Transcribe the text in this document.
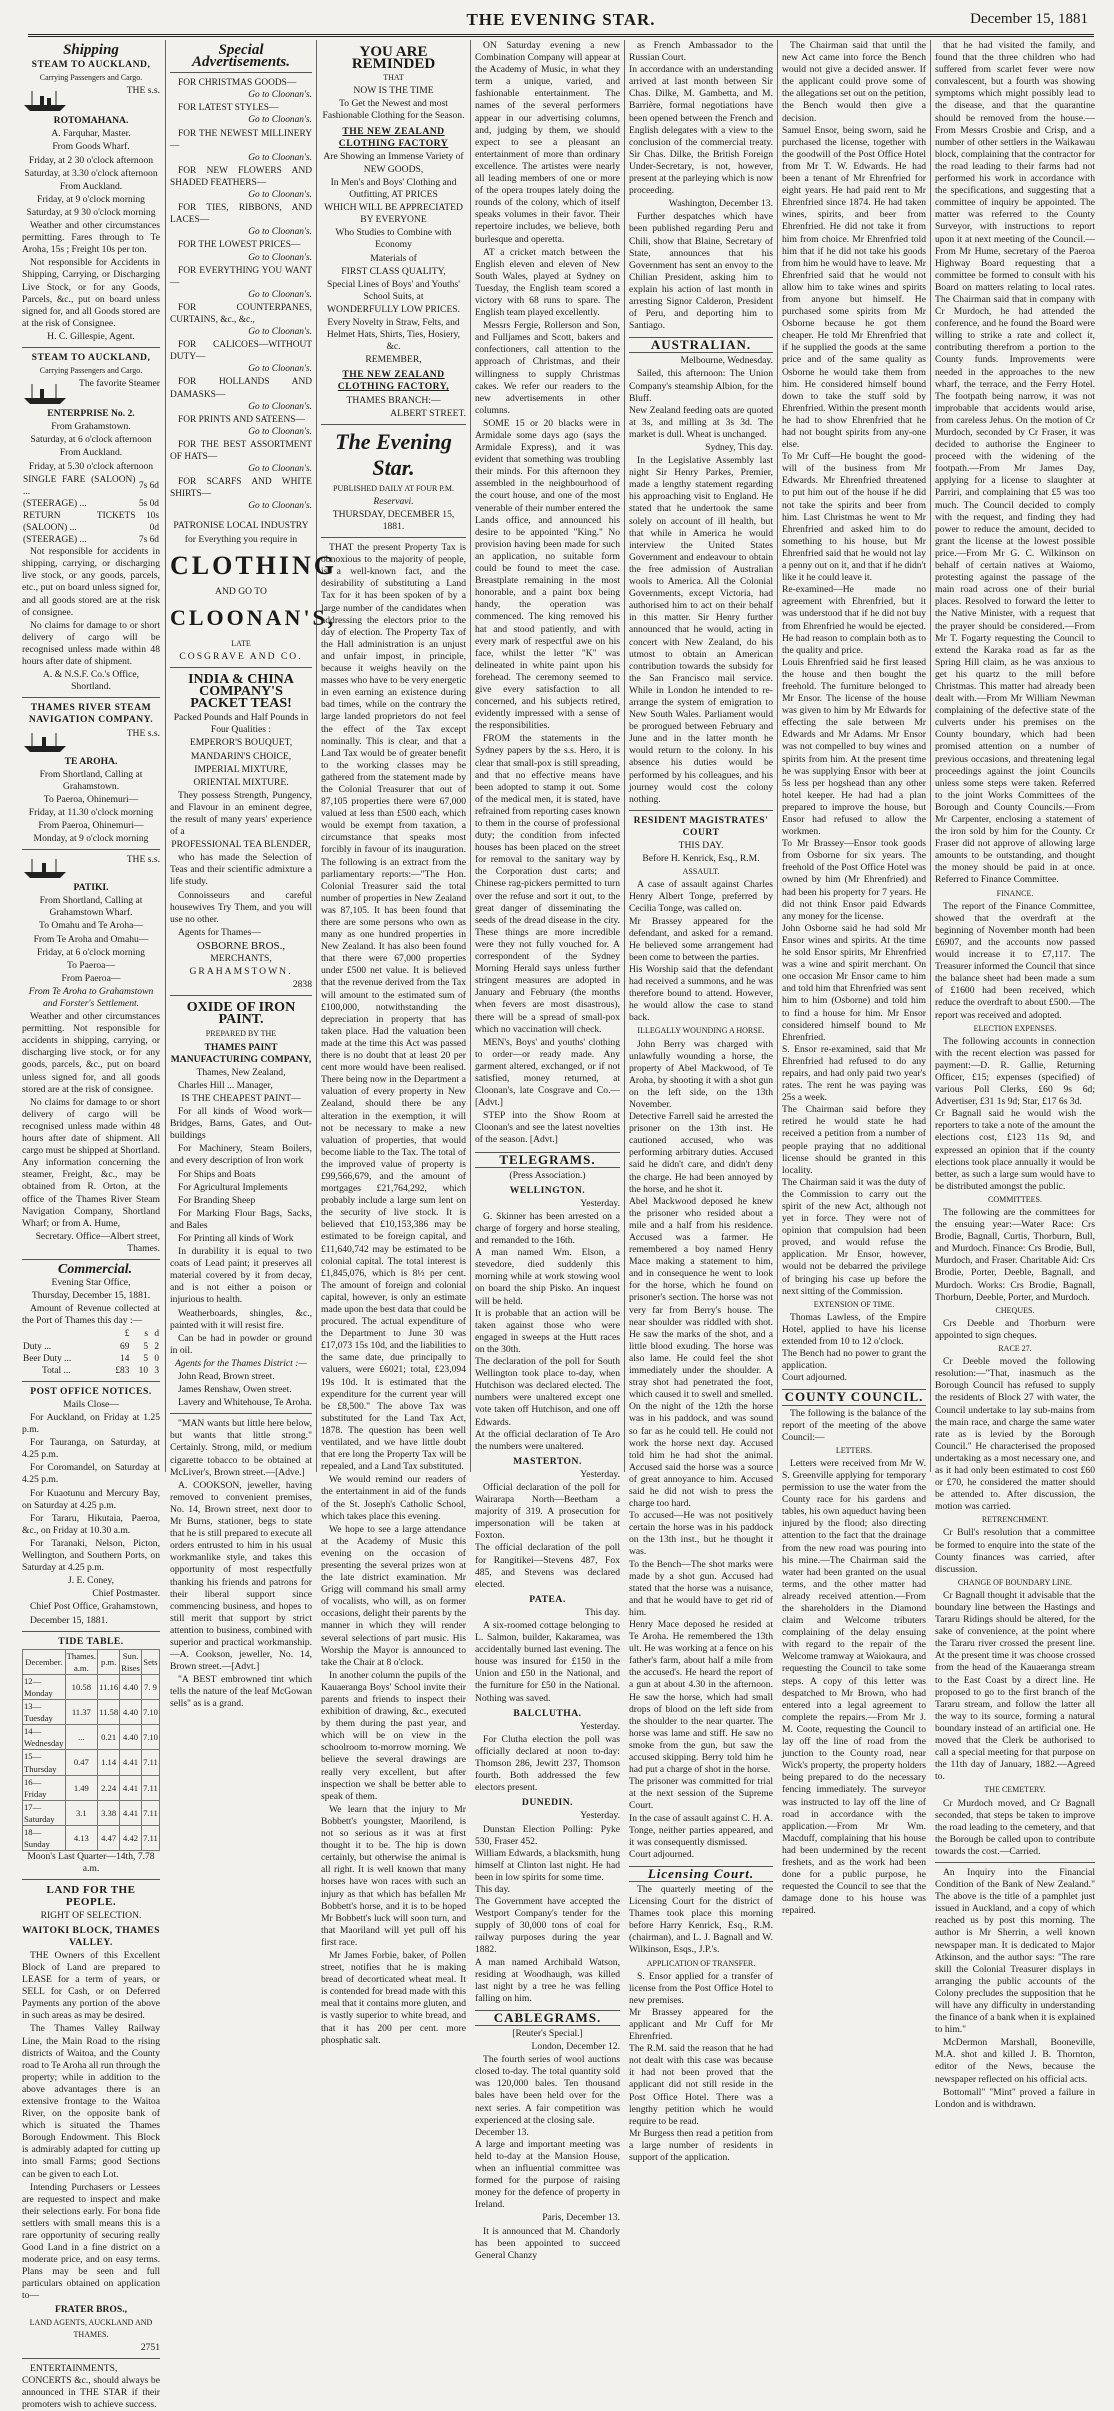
THE EVENING STAR.	December 15, 1881

Shipping

STEAM TO AUCKLAND,

Carrying Passengers and Cargo.

THE s.s.

ROTOMAHANA.

A. Farquhar, Master.

From Goods Wharf.

Friday, at 2 30 o'clock afternoon

Saturday, at 3.30 o'clock afternoon

From Auckland.

Friday, at 9 o'clock morning

Saturday, at 9 30 o'clock morning

Weather and other circumstances permitting. Fares through to Te Aroha, 15s ; Freight 10s per ton.

Not responsible for Accidents in Shipping, Carrying, or Discharging Live Stock, or for any Goods, Parcels, &c., put on board unless signed for, and all Goods stored are at the risk of Consignee.

H. C. Gillespie, Agent.

STEAM TO AUCKLAND,

Carrying Passengers and Cargo.

The favorite Steamer

ENTERPRISE No. 2.

From Grahamstown.

Saturday, at 6 o'clock afternoon

From Auckland.

Friday, at 5.30 o'clock afternoon

SINGLE FARE (SALOON) ...	7s 6d
(STEERAGE) ...	5s 0d
RETURN TICKETS (SALOON) ...	10s 0d
(STEERAGE) ...	7s 6d

Not responsible for accidents in shipping, carrying, or discharging live stock, or any goods, parcels, etc., put on board unless signed for, and all goods stored are at the risk of consignee.

No claims for damage to or short delivery of cargo will be recognised unless made within 48 hours after date of shipment.

A. & N.S.F. Co.'s Office, Shortland.

THAMES RIVER STEAM NAVIGATION COMPANY.

THE s.s.

TE AROHA.

From Shortland, Calling at Grahamstown.

To Paeroa, Ohinemuri—

Friday, at 11.30 o'clock morning

From Paeroa, Ohinemuri—

Monday, at 9 o'clock morning

THE s.s.

PATIKI.

From Shortland, Calling at Grahamstown Wharf.

To Omahu and Te Aroha—

From Te Aroha and Omahu—

Friday, at 6 o'clock morning

To Paeroa—

From Paeroa—

From Te Aroha to Grahamstown and Forster's Settlement.

Weather and other circumstances permitting. Not responsible for accidents in shipping, carrying, or discharging live stock, or for any goods, parcels, &c., put on board unless signed for, and all goods stored are at the risk of consignee.

No claims for damage to or short delivery of cargo will be recognised unless made within 48 hours after date of shipment. All cargo must be shipped at Shortland. Any information concerning the steamer, Freight, &c., may be obtained from R. Orton, at the office of the Thames River Steam Navigation Company, Shortland Wharf; or from A. Hume,

Secretary. Office—Albert street, Thames.

Commercial.

Evening Star Office,

Thursday, December 15, 1881.

Amount of Revenue collected at the Port of Thames this day :—

	£	s	d
Duty ...	69	5	2
Beer Duty ...	14	5	0
Total ...	£83	10	3

POST OFFICE NOTICES.

Mails Close—

For Auckland, on Friday at 1.25 p.m.

For Tauranga, on Saturday, at 4.25 p.m.

For Coromandel, on Saturday at 4.25 p.m.

For Kuaotunu and Mercury Bay, on Saturday at 4.25 p.m.

For Tararu, Hikutaia, Paeroa, &c., on Friday at 10.30 a.m.

For Taranaki, Nelson, Picton, Wellington, and Southern Ports, on Saturday at 4.25 p.m.

J. E. Coney,

Chief Postmaster.

Chief Post Office, Grahamstown,

December 15, 1881.

TIDE TABLE.

December.	Thames. a.m.	p.m.	Sun. Rises	Sets
12—Monday	10.58	11.16	4.40	7. 9
13—Tuesday	11.37	11.58	4.40	7.10
14—Wednesday	...	0.21	4.40	7.10
15—Thursday	0.47	1.14	4.41	7.11
16—Friday	1.49	2.24	4.41	7.11
17—Saturday	3.1	3.38	4.41	7.11
18—Sunday	4.13	4.47	4.42	7.11

Moon's Last Quarter—14th, 7.78 a.m.

LAND FOR THE PEOPLE.

RIGHT OF SELECTION.

WAITOKI BLOCK, THAMES VALLEY.

THE Owners of this Excellent Block of Land are prepared to LEASE for a term of years, or SELL for Cash, or on Deferred Payments any portion of the above in such areas as may be desired.

The Thames Valley Railway Line, the Main Road to the rising districts of Waitoa, and the County road to Te Aroha all run through the property; while in addition to the above advantages there is an extensive frontage to the Waitoa River, on the opposite bank of which is situated the Thames Borough Endowment. This Block is admirably adapted for cutting up into small Farms; good Sections can be given to each Lot.

Intending Purchasers or Lessees are requested to inspect and make their selections early. For bona fide settlers with small means this is a rare opportunity of securing really Good Land in a fine district on a moderate price, and on easy terms. Plans may be seen and full particulars obtained on application to—

FRATER BROS.,

LAND AGENTS, AUCKLAND AND THAMES.

2751

ENTERTAINMENTS, CONCERTS &c., should always be announced in THE STAR if their promoters wish to achieve success.

Special Advertisements.

FOR CHRISTMAS GOODS—
Go to Cloonan's.

FOR LATEST STYLES—
Go to Cloonan's.

FOR THE NEWEST MILLINERY—
Go to Cloonan's.

FOR NEW FLOWERS AND SHADED FEATHERS—
Go to Cloonan's.

FOR TIES, RIBBONS, AND LACES—
Go to Cloonan's.

FOR THE LOWEST PRICES—
Go to Cloonan's.

FOR EVERYTHING YOU WANT—
Go to Cloonan's.

FOR COUNTERPANES, CURTAINS, &c., &c.,
Go to Cloonan's.

FOR CALICOES—WITHOUT DUTY—
Go to Cloonan's.

FOR HOLLANDS AND DAMASKS—
Go to Cloonan's.

FOR PRINTS AND SATEENS—
Go to Cloonan's.

FOR THE BEST ASSORTMENT OF HATS—
Go to Cloonan's.

FOR SCARFS AND WHITE SHIRTS—
Go to Cloonan's.

PATRONISE LOCAL INDUSTRY

for Everything you require in

CLOTHING

AND GO TO

CLOONAN'S,

LATE

COSGRAVE AND CO.

INDIA & CHINA COMPANY'S PACKET TEAS!

Packed Pounds and Half Pounds in Four Qualities :

EMPEROR'S BOUQUET,

MANDARIN'S CHOICE,

IMPERIAL MIXTURE,

ORIENTAL MIXTURE.

They possess Strength, Pungency, and Flavour in an eminent degree, the result of many years' experience of a

PROFESSIONAL TEA BLENDER,

who has made the Selection of Teas and their scientific admixture a life study.

Connoisseurs and careful housewives Try Them, and you will use no other.

Agents for Thames—

OSBORNE BROS.,

MERCHANTS,

GRAHAMSTOWN.

2838

OXIDE OF IRON PAINT.

PREPARED BY THE

THAMES PAINT MANUFACTURING COMPANY,

Thames, New Zealand,

Charles Hill ... Manager,

IS THE CHEAPEST PAINT—

For all kinds of Wood work—Bridges, Barns, Gates, and Out-buildings

For Machinery, Steam Boilers, and every description of Iron work

For Ships and Boats

For Agricultural Implements

For Branding Sheep

For Marking Flour Bags, Sacks, and Bales

For Printing all kinds of Work

In durability it is equal to two coats of Lead paint; it preserves all material covered by it from decay, and is not either a poison or injurious to health.

Weatherboards, shingles, &c., painted with it will resist fire.

Can be had in powder or ground in oil.

Agents for the Thames District :—

John Read, Brown street.

James Renshaw, Owen street.

Lavery and Whitehouse, Te Aroha.

"MAN wants but little here below, but wants that little strong." Certainly. Strong, mild, or medium cigarette tobacco to be obtained at McLiver's, Brown street.—[Adve.]

A. COOKSON, jeweller, having removed to convenient premises, No. 14, Brown street, next door to Mr Burns, stationer, begs to state that he is still prepared to execute all orders entrusted to him in his usual workmanlike style, and takes this opportunity of most respectfully thanking his friends and patrons for their liberal support since commencing business, and hopes to still merit that support by strict attention to business, combined with superior and practical workmanship.—A. Cookson, jeweller, No. 14, Brown street.—[Advt.]

"A BEST embrowned tint which tells the nature of the leaf McGowan sells" as is a grand.

YOU ARE REMINDED

THAT

NOW IS THE TIME

To Get the Newest and most Fashionable Clothing for the Season.

THE NEW ZEALAND CLOTHING FACTORY

Are Showing an Immense Variety of

NEW GOODS,

In Men's and Boys' Clothing and Outfitting, AT PRICES

WHICH WILL BE APPRECIATED BY EVERYONE

Who Studies to Combine with Economy

Materials of

FIRST CLASS QUALITY,

Special Lines of Boys' and Youths' School Suits, at

WONDERFULLY LOW PRICES.

Every Novelty in Straw, Felts, and Helmet Hats, Shirts, Ties, Hosiery, &c.

REMEMBER,

THE NEW ZEALAND CLOTHING FACTORY,

THAMES BRANCH:—

ALBERT STREET.

The Evening Star.

PUBLISHED DAILY AT FOUR P.M.

Reservavi.

THURSDAY, DECEMBER 15, 1881.

THAT the present Property Tax is obnoxious to the majority of people, is a well-known fact, and the desirability of substituting a Land Tax for it has been spoken of by a large number of the candidates when addressing the electors prior to the day of election. The Property Tax of the Hall administration is an unjust and unfair impost, in principle, because it weighs heavily on the masses who have to be very energetic in even earning an existence during bad times, while on the contrary the large landed proprietors do not feel the effect of the Tax except nominally. This is clear, and that a Land Tax would be of greater benefit to the working classes may be gathered from the statement made by the Colonial Treasurer that out of 87,105 properties there were 67,000 valued at less than £500 each, which would be exempt from taxation, a circumstance that speaks most forcibly in favour of its inauguration. The following is an extract from the parliamentary reports:—"The Hon. Colonial Treasurer said the total number of properties in New Zealand was 87,105. It has been found that there are some persons who own as many as one hundred properties in New Zealand. It has also been found that there were 67,000 properties under £500 net value. It is believed that the revenue derived from the Tax will amount to the estimated sum of £100,000, notwithstanding the depreciation in property that has taken place. Had the valuation been made at the time this Act was passed there is no doubt that at least 20 per cent more would have been realised. There being now in the Department a valuation of every property in New Zealand, should there be any alteration in the exemption, it will not be necessary to make a new valuation of properties, that would become liable to the Tax. The total of the improved value of property is £99,566,679, and the amount of mortgages £21,764,292, which probably include a large sum lent on the security of live stock. It is believed that £10,153,386 may be estimated to be foreign capital, and £11,640,742 may be estimated to be colonial capital. The total interest is £1,845,076, which is 8½ per cent. The amount of foreign and colonial capital, however, is only an estimate made upon the best data that could be procured. The actual expenditure of the Department to June 30 was £17,073 15s 10d, and the liabilities to the same date, due principally to valuers, were £6021; total, £23,094 19s 10d. It is estimated that the expenditure for the current year will be £8,500." The above Tax was substituted for the Land Tax Act, 1878. The question has been well ventilated, and we have little doubt that ere long the Property Tax will be repealed, and a Land Tax substituted.

We would remind our readers of the entertainment in aid of the funds of the St. Joseph's Catholic School, which takes place this evening.

We hope to see a large attendance at the Academy of Music this evening on the occasion of presenting the several prizes won at the late district examination. Mr Grigg will command his small army of vocalists, who will, as on former occasions, delight their parents by the manner in which they will render several selections of part music. His Worship the Mayor is announced to take the Chair at 8 o'clock.

In another column the pupils of the Kauaeranga Boys' School invite their parents and friends to inspect their exhibition of drawing, &c., executed by them during the past year, and which will be on view in the schoolroom to-morrow morning. We believe the several drawings are really very excellent, but after inspection we shall be better able to speak of them.

We learn that the injury to Mr Bobbett's youngster, Maorilend, is not so serious as it was at first thought it to be. The hip is down certainly, but otherwise the animal is all right. It is well known that many horses have won races with such an injury as that which has befallen Mr Bobbett's horse, and it is to be hoped Mr Bobbett's luck will soon turn, and that Maoriland will yet pull off his first race.

Mr James Forbie, baker, of Pollen street, notifies that he is making bread of decorticated wheat meal. It is contended for bread made with this meal that it contains more gluten, and is vastly superior to white bread, and that it has 200 per cent. more phosphatic salt.

ON Saturday evening a new Combination Company will appear at the Academy of Music, in what they term a unique, varied, and fashionable entertainment. The names of the several performers appear in our advertising columns, and, judging by them, we should expect to see a pleasant an entertainment of more than ordinary excellence. The artistes were nearly all leading members of one or more of the opera troupes lately doing the rounds of the colony, which of itself speaks volumes in their favor. Their repertoire includes, we believe, both burlesque and operetta.

AT a cricket match between the English eleven and eleven of New South Wales, played at Sydney on Tuesday, the English team scored a victory with 68 runs to spare. The English team played excellently.

Messrs Fergie, Rollerson and Son, and Fulljames and Scott, bakers and confectioners, call attention to the approach of Christmas, and their willingness to supply Christmas cakes. We refer our readers to the new advertisements in other columns.

SOME 15 or 20 blacks were in Armidale some days ago (says the Armidale Express), and it was evident that something was troubling their minds. For this afternoon they assembled in the neighbourhood of the court house, and one of the most venerable of their number entered the Lands office, and announced his desire to be appointed "King." No provision having been made for such an application, no suitable form could be found to meet the case. Breastplate remaining in the most honorable, and a paint box being handy, the operation was commenced. The king removed his hat and stood patiently, and with every mark of respectful awe on his face, whilst the letter "K" was delineated in white paint upon his forehead. The ceremony seemed to give every satisfaction to all concerned, and his subjects retired, evidently impressed with a sense of the responsibilities.

FROM the statements in the Sydney papers by the s.s. Hero, it is clear that small-pox is still spreading, and that no effective means have been adopted to stamp it out. Some of the medical men, it is stated, have refrained from reporting cases known to them in the course of professional duty; the condition from infected houses has been placed on the street for removal to the sanitary way by the Corporation dust carts; and Chinese rag-pickers permitted to turn over the refuse and sort it out, to the great danger of disseminating the seeds of the dread disease in the city. These things are more incredible were they not fully vouched for. A correspondent of the Sydney Morning Herald says unless further stringent measures are adopted in January and February (the months when fevers are most disastrous), there will be a spread of small-pox which no vaccination will check.

MEN's, Boys' and youths' clothing to order—or ready made. Any garment altered, exchanged, or if not satisfied, money returned, at Cloonan's, late Cosgrave and Co.—[Advt.]

STEP into the Show Room at Cloonan's and see the latest novelties of the season. [Advt.]

TELEGRAMS.

(Press Association.)

WELLINGTON.

Yesterday.

G. Skinner has been arrested on a charge of forgery and horse stealing, and remanded to the 16th.
A man named Wm. Elson, a stevedore, died suddenly this morning while at work stowing wool on board the ship Pisko. An inquest will be held.
It is probable that an action will be taken against those who were engaged in sweeps at the Hutt races on the 30th.
The declaration of the poll for South Wellington took place to-day, when Hutchison was declared elected. The numbers were unaltered except one vote taken off Hutchison, and one off Edwards.
At the official declaration of Te Aro the numbers were unaltered.

MASTERTON.

Yesterday.

Official declaration of the poll for Wairarapa North—Beetham a majority of 319. A prosecution for impersonation will be taken at Foxton.
The official declaration of the poll for Rangitikei—Stevens 487, Fox 485, and Stevens was declared elected.

PATEA.

This day.

A six-roomed cottage belonging to L. Salmon, builder, Kakaramea, was accidentally burned last evening. The house was insured for £150 in the Union and £50 in the National, and the furniture for £50 in the National. Nothing was saved.

BALCLUTHA.

Yesterday.

For Clutha election the poll was officially declared at noon to-day: Thomson 286, Jewitt 237, Thomson fourth. Both addressed the few electors present.

DUNEDIN.

Yesterday.

Dunstan Election Polling: Pyke 530, Fraser 452.
William Edwards, a blacksmith, hung himself at Clinton last night. He had been in low spirits for some time.
This day.
The Government have accepted the Westport Company's tender for the supply of 30,000 tons of coal for railway purposes during the year 1882.
A man named Archibald Watson, residing at Woodhaugh, was killed last night by a tree he was felling falling on him.

CABLEGRAMS.

[Reuter's Special.]

London, December 12.

The fourth series of wool auctions closed to-day. The total quantity sold was 120,000 bales. Ten thousand bales have been held over for the next series. A fair competition was experienced at the closing sale.
December 13.
A large and important meeting was held to-day at the Mansion House, when an influential committee was formed for the purpose of raising money for the defence of property in Ireland.

Paris, December 13.

It is announced that M. Chandorly has been appointed to succeed General Chanzy

as French Ambassador to the Russian Court.
In accordance with an understanding arrived at last month between Sir Chas. Dilke, M. Gambetta, and M. Barrière, formal negotiations have been opened between the French and English delegates with a view to the conclusion of the commercial treaty. Sir Chas. Dilke, the British Foreign Under-Secretary, is not, however, present at the parleying which is now proceeding.

Washington, December 13.

Further despatches which have been published regarding Peru and Chili, show that Blaine, Secretary of State, announces that his Government has sent an envoy to the Chilian President, asking him to explain his action of last month in arresting Signor Calderon, President of Peru, and deporting him to Santiago.

AUSTRALIAN.

Melbourne, Wednesday.

Sailed, this afternoon: The Union Company's steamship Albion, for the Bluff.
New Zealand feeding oats are quoted at 3s, and milling at 3s 3d. The market is dull. Wheat is unchanged.

Sydney, This day.

In the Legislative Assembly last night Sir Henry Parkes, Premier, made a lengthy statement regarding his approaching visit to England. He stated that he undertook the same solely on account of ill health, but that while in America he would interview the United States Government and endeavour to obtain the free admission of Australian wools to America. All the Colonial Governments, except Victoria, had authorised him to act on their behalf in this matter. Sir Henry further announced that he would, acting in concert with New Zealand, do his utmost to obtain an American contribution towards the subsidy for the San Francisco mail service. While in London he intended to re-arrange the system of emigration to New South Wales. Parliament would be prorogued between February and June and in the latter month he would return to the colony. In his absence his duties would be performed by his colleagues, and his journey would cost the colony nothing.

RESIDENT MAGISTRATES' COURT

THIS DAY.

Before H. Kenrick, Esq., R.M.

ASSAULT.

A case of assault against Charles Henry Albert Tonge, preferred by Cecilia Tonge, was called on.
Mr Brassey appeared for the defendant, and asked for a remand. He believed some arrangement had been come to between the parties.
His Worship said that the defendant had received a summons, and he was therefore bound to attend. However, he would allow the case to stand back.

ILLEGALLY WOUNDING A HORSE.

John Berry was charged with unlawfully wounding a horse, the property of Abel Mackwood, of Te Aroha, by shooting it with a shot gun on the left side, on the 13th November.
Detective Farrell said he arrested the prisoner on the 13th inst. He cautioned accused, who was performing arbitrary duties. Accused said he didn't care, and didn't deny the charge. He had been annoyed by the horse, and he shot it.
Abel Mackwood deposed he knew the prisoner who resided about a mile and a half from his residence. Accused was a farmer. He remembered a boy named Henry Mace making a statement to him, and in consequence he went to look for the horse, which he found on prisoner's section. The horse was not very far from Berry's house. The near shoulder was riddled with shot. He saw the marks of the shot, and a little blood exuding. The horse was also lame. He could feel the shot immediately under the shoulder. A stray shot had penetrated the foot, which caused it to swell and smelled. On the night of the 12th the horse was in his paddock, and was sound so far as he could tell. He could not work the horse next day. Accused told him he had shot the animal. Accused said the horse was a source of great annoyance to him. Accused said he did not wish to press the charge too hard.
To accused—He was not positively certain the horse was in his paddock on the 13th inst., but he thought it was.
To the Bench—The shot marks were made by a shot gun. Accused had stated that the horse was a nuisance, and that he would have to get rid of him.
Henry Mace deposed he resided at Te Aroha. He remembered the 13th ult. He was working at a fence on his father's farm, about half a mile from the accused's. He heard the report of a gun at about 4.30 in the afternoon. He saw the horse, which had small drops of blood on the left side from the shoulder to the near quarter. The horse was lame and stiff. He saw no smoke from the gun, but saw the accused skipping. Berry told him he had put a charge of shot in the horse.
The prisoner was committed for trial at the next session of the Supreme Court.
In the case of assault against C. H. A. Tonge, neither parties appeared, and it was consequently dismissed.
Court adjourned.

Licensing Court.

The quarterly meeting of the Licensing Court for the district of Thames took place this morning before Harry Kenrick, Esq., R.M. (chairman), and L. J. Bagnall and W. Wilkinson, Esqs., J.P.'s.

APPLICATION OF TRANSFER.

S. Ensor applied for a transfer of license from the Post Office Hotel to new premises.
Mr Brassey appeared for the applicant and Mr Cuff for Mr Ehrenfried.
The R.M. said the reason that he had not dealt with this case was because it had not been proved that the applicant did not still reside in the Post Office Hotel. There was a lengthy petition which he would require to be read.
Mr Burgess then read a petition from a large number of residents in support of the application.

The Chairman said that until the new Act came into force the Bench would not give a decided answer. If the applicant could prove some of the allegations set out on the petition, the Bench would then give a decision.
Samuel Ensor, being sworn, said he purchased the license, together with the goodwill of the Post Office Hotel from Mr T. W. Edwards. He had been a tenant of Mr Ehrenfried for eight years. He had paid rent to Mr Ehrenfried since 1874. He had taken wines, spirits, and beer from Ehrenfried. He did not take it from him from choice. Mr Ehrenfried told him that if he did not take his goods from him he would have to leave. Mr Ehrenfried said that he would not allow him to take wines and spirits from anyone but himself. He purchased some spirits from Mr Osborne because he got them cheaper. He told Mr Ehrenfried that if he supplied the goods at the same price and of the same quality as Osborne he would take them from him. He considered himself bound down to take the stuff sold by Ehrenfried. Within the present month he had to show Ehrenfried that he had not bought spirits from any-one else.
To Mr Cuff—He bought the good-will of the business from Mr Edwards. Mr Ehrenfried threatened to put him out of the house if he did not take the spirits and beer from him. Last Christmas he went to Mr Ehrenfried and asked him to do something to his house, but Mr Ehrenfried said that he would not lay a penny out on it, and that if he didn't like it he could leave it.
Re-examined—He made no agreement with Ehrenfried, but it was understood that if he did not buy from Ehrenfried he would be ejected. He had reason to complain both as to the quality and price.
Louis Ehrenfried said he first leased the house and then bought the freehold. The furniture belonged to Mr Ensor. The license of the house was given to him by Mr Edwards for effecting the sale between Mr Edwards and Mr Adams. Mr Ensor was not compelled to buy wines and spirits from him. At the present time he was supplying Ensor with beer at 5s less per hogshead than any other hotel keeper. He had had a plan prepared to improve the house, but Ensor had refused to allow the workmen.
To Mr Brassey—Ensor took goods from Osborne for six years. The freehold of the Post Office Hotel was owned by him (Mr Ehrenfried) and had been his property for 7 years. He did not think Ensor paid Edwards any money for the license.
John Osborne said he had sold Mr Ensor wines and spirits. At the time he sold Ensor spirits, Mr Ehrenfried was a wine and spirit merchant. On one occasion Mr Ensor came to him and told him that Ehrenfried was sent him to him (Osborne) and told him to find a house for him. Mr Ensor considered himself bound to Mr Ehrenfried.
S. Ensor re-examined, said that Mr Ehrenfried had refused to do any repairs, and had only paid two year's rates. The rent he was paying was 25s a week.
The Chairman said before they retired he would state he had received a petition from a number of people praying that no additional license should be granted in this locality.
The Chairman said it was the duty of the Commission to carry out the spirit of the new Act, although not yet in force. They were not of opinion that compulsion had been proved, and would refuse the application. Mr Ensor, however, would not be debarred the privilege of bringing his case up before the next sitting of the Commission.

EXTENSION OF TIME.

Thomas Lawless, of the Empire Hotel, applied to have his license extended from 10 to 12 o'clock.
The Bench had no power to grant the application.
Court adjourned.

COUNTY COUNCIL.

The following is the balance of the report of the meeting of the above Council:—

LETTERS.

Letters were received from Mr W. S. Greenville applying for temporary permission to use the water from the County race for his gardens and tables, his own aqueduct having been injured by the flood; also directing attention to the fact that the drainage from the new road was pouring into his mine.—The Chairman said the water had been granted on the usual terms, and the other matter had already received attention.—From the shareholders in the Diamond claim and Welcome tributers complaining of the delay ensuing with regard to the repair of the Welcome tramway at Waiokaura, and requesting the Council to take some steps. A copy of this letter was despatched to Mr Brown, who had entered into a legal agreement to complete the repairs.—From Mr J. M. Coote, requesting the Council to lay off the line of road from the junction to the County road, near Wick's property, the property holders being prepared to do the necessary fencing immediately. The surveyor was instructed to lay off the line of road in accordance with the application.—From Mr Wm. Macduff, complaining that his house had been undermined by the recent freshets, and as the work had been done for a public purpose, he requested the Council to see that the damage done to his house was repaired.

that he had visited the family, and found that the three children who had suffered from scarlet fever were now convalescent, but a fourth was showing symptoms which might possibly lead to the disease, and that the quarantine should be removed from the house.—From Messrs Crosbie and Crisp, and a number of other settlers in the Waikawau block, complaining that the contractor for the road leading to their farms had not performed his work in accordance with the specifications, and suggesting that a committee of inquiry be appointed. The matter was referred to the County Surveyor, with instructions to report upon it at next meeting of the Council.—From Mr Hume, secretary of the Paeroa Highway Board requesting that a committee be formed to consult with his Board on matters relating to local rates. The Chairman said that in company with Cr Murdoch, he had attended the conference, and he found the Board were willing to strike a rate and collect it, contributing therefrom a portion to the County funds. Improvements were needed in the approaches to the new wharf, the terrace, and the Ferry Hotel. The footpath being narrow, it was not improbable that accidents would arise, from careless Jehus. On the motion of Cr Murdoch, seconded by Cr Fraser, it was decided to authorise the Engineer to proceed with the widening of the footpath.—From Mr James Day, applying for a license to slaughter at Parriri, and complaining that £5 was too much. The Council decided to comply with the request, and finding they had power to reduce the amount, decided to grant the license at the lowest possible price.—From Mr G. C. Wilkinson on behalf of certain natives at Waiomo, protesting against the passage of the main road across one of their burial places. Resolved to forward the letter to the Native Minister, with a request that the prayer should be considered.—From Mr T. Fogarty requesting the Council to extend the Karaka road as far as the Spring Hill claim, as he was anxious to get his quartz to the mill before Christmas. This matter had already been dealt with.—From Mr William Newman complaining of the defective state of the culverts under his premises on the County boundary, which had been promised attention on a number of previous occasions, and threatening legal proceedings against the joint Councils unless some steps were taken. Referred to the joint Works Committees of the Borough and County Councils.—From Mr Carpenter, enclosing a statement of the iron sold by him for the County. Cr Fraser did not approve of allowing large amounts to be outstanding, and thought the money should be paid in at once. Referred to Finance Committee.

FINANCE.

The report of the Finance Committee, showed that the overdraft at the beginning of November month had been £6907, and the accounts now passed would increase it to £7,117. The Treasurer informed the Council that since the balance sheet had been made a sum of £1600 had been received, which reduce the overdraft to about £500.—The report was received and adopted.

ELECTION EXPENSES.

The following accounts in connection with the recent election was passed for payment:—D. R. Gallie, Returning Officer, £15; expenses (specified) of various Poll Clerks, £60 9s 6d; Advertiser, £31 1s 9d; Star, £17 6s 3d.
Cr Bagnall said he would wish the reporters to take a note of the amount the elections cost, £123 11s 9d, and expressed an opinion that if the county elections took place annually it would be better, as such a large sum would have to be distributed amongst the public.

COMMITTEES.

The following are the committees for the ensuing year:—Water Race: Crs Brodie, Bagnall, Curtis, Thorburn, Bull, and Murdoch. Finance: Crs Brodie, Bull, Murdoch, and Fraser. Charitable Aid: Crs Brodie, Porter, Deeble, Bagnall, and Murdoch. Works: Crs Brodie, Bagnall, Thorburn, Deeble, Porter, and Murdoch.

CHEQUES.

Crs Deeble and Thorburn were appointed to sign cheques.

RACE 27.

Cr Deeble moved the following resolution:—"That, inasmuch as the Borough Council has refused to supply the residents of Block 27 with water, the Council undertake to lay sub-mains from the main race, and charge the same water rate as is levied by the Borough Council." He characterised the proposed undertaking as a most necessary one, and as it had only been estimated to cost £60 or £70, he considered the matter should be attended to. After discussion, the motion was carried.

RETRENCHMENT.

Cr Bull's resolution that a committee be formed to enquire into the state of the County finances was carried, after discussion.

CHANGE OF BOUNDARY LINE.

Cr Bagnall thought it advisable that the boundary line between the Hastings and Tararu Ridings should be altered, for the sake of convenience, at the point where the Tararu river crossed the present line. At the present time it was choose crossed from the head of the Kauaeranga stream to the East Coast by a direct line. He proposed to go to the first branch of the Tararu stream, and follow the latter all the way to its source, forming a natural boundary instead of an artificial one. He moved that the Clerk be authorised to call a special meeting for that purpose on the 11th day of January, 1882.—Agreed to.

THE CEMETERY.

Cr Murdoch moved, and Cr Bagnall seconded, that steps be taken to improve the road leading to the cemetery, and that the Borough be called upon to contribute towards the cost.—Carried.

An Inquiry into the Financial Condition of the Bank of New Zealand." The above is the title of a pamphlet just issued in Auckland, and a copy of which reached us by post this morning. The author is Mr Sherrin, a well known newspaper man. It is dedicated to Major Atkinson, and the author says: "The rare skill the Colonial Treasurer displays in arranging the public accounts of the Colony precludes the supposition that he will have any difficulty in understanding the finance of a bank when it is explained to him."

McDermon Marshall, Booneville, M.A. shot and killed J. B. Thornton, editor of the News, because the newspaper reflected on his official acts.

Bottomall" "Mint" proved a failure in London and is withdrawn.
